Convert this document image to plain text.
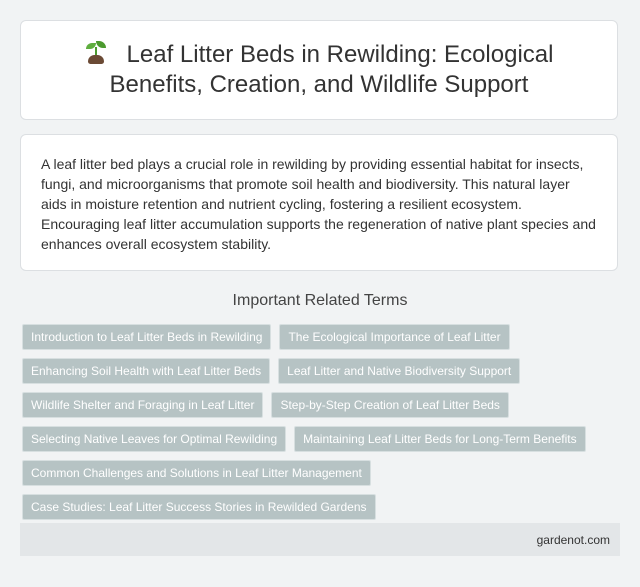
Leaf Litter Beds in Rewilding: Ecological Benefits, Creation, and Wildlife Support

A leaf litter bed plays a crucial role in rewilding by providing essential habitat for insects, fungi, and microorganisms that promote soil health and biodiversity. This natural layer aids in moisture retention and nutrient cycling, fostering a resilient ecosystem. Encouraging leaf litter accumulation supports the regeneration of native plant species and enhances overall ecosystem stability.

Important Related Terms
Introduction to Leaf Litter Beds in Rewilding	The Ecological Importance of Leaf Litter
Enhancing Soil Health with Leaf Litter Beds	Leaf Litter and Native Biodiversity Support
Wildlife Shelter and Foraging in Leaf Litter	Step-by-Step Creation of Leaf Litter Beds
Selecting Native Leaves for Optimal Rewilding	Maintaining Leaf Litter Beds for Long-Term Benefits
Common Challenges and Solutions in Leaf Litter Management
Case Studies: Leaf Litter Success Stories in Rewilded Gardens
gardenot.com
